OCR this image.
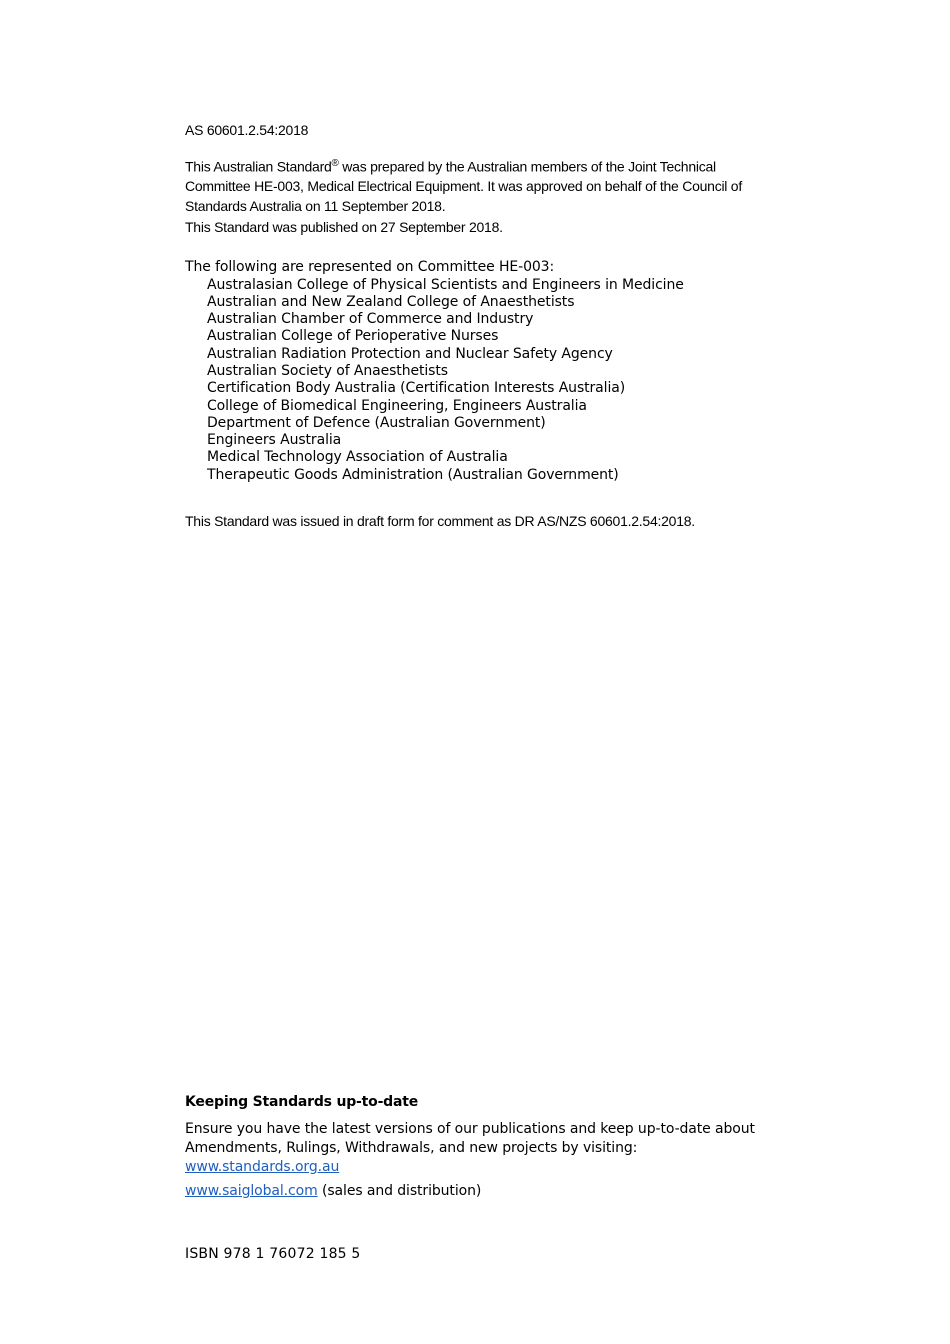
AS 60601.2.54:2018

This Australian Standard® was prepared by the Australian members of the Joint Technical Committee HE-003, Medical Electrical Equipment. It was approved on behalf of the Council of Standards Australia on 11 September 2018.

This Standard was published on 27 September 2018.

The following are represented on Committee HE-003:

Australasian College of Physical Scientists and Engineers in Medicine
Australian and New Zealand College of Anaesthetists
Australian Chamber of Commerce and Industry
Australian College of Perioperative Nurses
Australian Radiation Protection and Nuclear Safety Agency
Australian Society of Anaesthetists
Certification Body Australia (Certification Interests Australia)
College of Biomedical Engineering, Engineers Australia
Department of Defence (Australian Government)
Engineers Australia
Medical Technology Association of Australia
Therapeutic Goods Administration (Australian Government)

This Standard was issued in draft form for comment as DR AS/NZS 60601.2.54:2018.

Keeping Standards up-to-date

Ensure you have the latest versions of our publications and keep up-to-date about Amendments, Rulings, Withdrawals, and new projects by visiting:
www.standards.org.au

www.saiglobal.com (sales and distribution)

ISBN 978 1 76072 185 5
